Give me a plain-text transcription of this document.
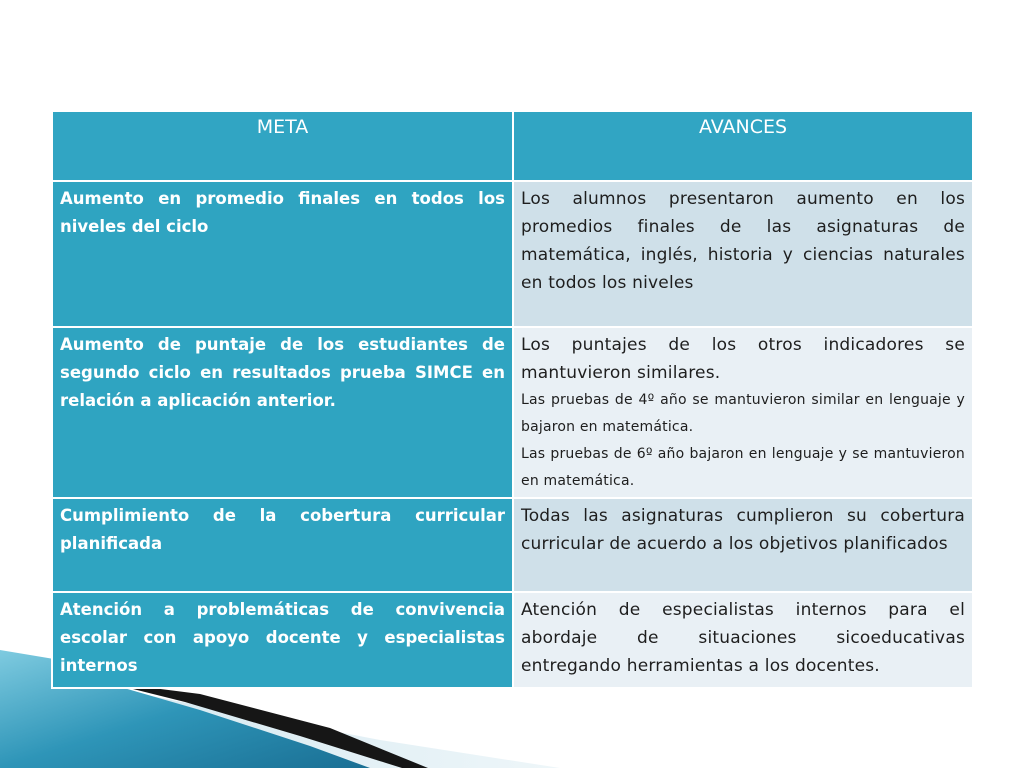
META	AVANCES
Aumento en promedio finales en todos los niveles del ciclo	Los alumnos presentaron aumento en los promedios finales de las asignaturas de matemática, inglés, historia y ciencias naturales en todos los niveles

Aumento de puntaje de los estudiantes de segundo ciclo en resultados prueba SIMCE en relación a aplicación anterior.	Los puntajes de los otros indicadores se mantuvieron similares.

Las pruebas de 4º año se mantuvieron similar en lenguaje y bajaron en matemática.

Las pruebas de 6º año bajaron en lenguaje y se mantuvieron en matemática.

Cumplimiento de la cobertura curricular planificada	Todas las asignaturas cumplieron su cobertura curricular de acuerdo a los objetivos planificados

Atención a problemáticas de convivencia escolar con apoyo docente y especialistas internos	Atención de especialistas internos para el abordaje de situaciones sicoeducativas entregando herramientas a los docentes.
